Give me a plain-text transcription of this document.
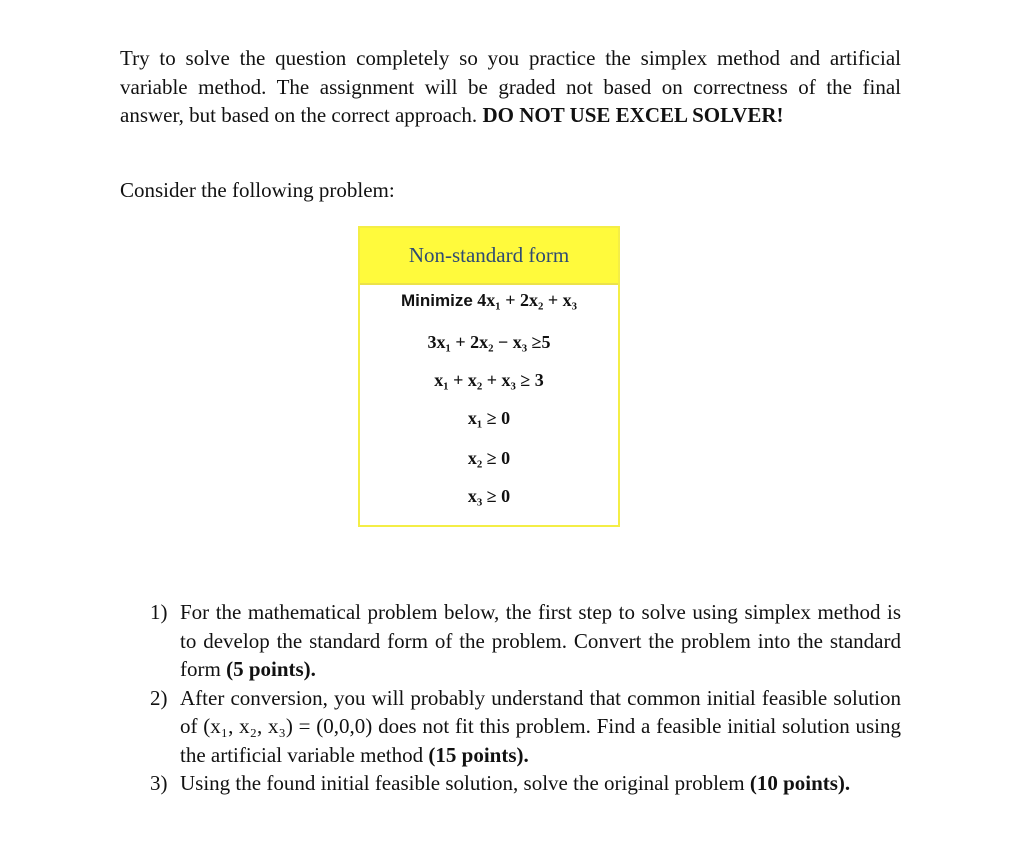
Try to solve the question completely so you practice the simplex method and artificial variable method. The assignment will be graded not based on correctness of the final answer, but based on the correct approach. DO NOT USE EXCEL SOLVER!
Consider the following problem:
Non-standard form
Minimize 4x₁ + 2x₂ + x₃
3x₁ + 2x₂ − x₃ ≥5
x₁ + x₂ + x₃ ≥ 3
x₁ ≥ 0
x₂ ≥ 0
x₃ ≥ 0
1) For the mathematical problem below, the first step to solve using simplex method is to develop the standard form of the problem. Convert the problem into the standard form (5 points).
2) After conversion, you will probably understand that common initial feasible solution of (x₁, x₂, x₃) = (0,0,0) does not fit this problem. Find a feasible initial solution using the artificial variable method (15 points).
3) Using the found initial feasible solution, solve the original problem (10 points).
